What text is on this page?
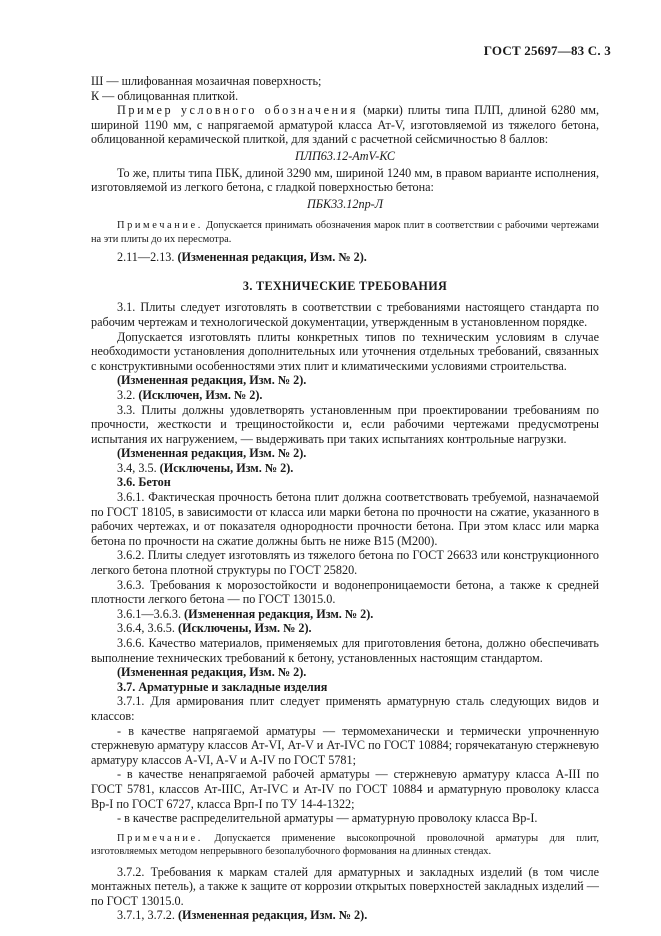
ГОСТ 25697—83 С. 3

Ш — шлифованная мозаичная поверхность;

К — облицованная плиткой.

Пример условного обозначения (марки) плиты типа ПЛП, длиной 6280 мм, шириной 1190 мм, с напрягаемой арматурой класса Ат-V, изготовляемой из тяжелого бетона, облицованной керамической плиткой, для зданий с расчетной сейсмичностью 8 баллов:

ПЛП63.12-АтV-КС

То же, плиты типа ПБК, длиной 3290 мм, шириной 1240 мм, в правом варианте исполнения, изготовляемой из легкого бетона, с гладкой поверхностью бетона:

ПБК33.12пр-Л

Примечание. Допускается принимать обозначения марок плит в соответствии с рабочими чертежами на эти плиты до их пересмотра.

2.11—2.13. (Измененная редакция, Изм. № 2).

3. ТЕХНИЧЕСКИЕ ТРЕБОВАНИЯ

3.1. Плиты следует изготовлять в соответствии с требованиями настоящего стандарта по рабочим чертежам и технологической документации, утвержденным в установленном порядке.

Допускается изготовлять плиты конкретных типов по техническим условиям в случае необходимости установления дополнительных или уточнения отдельных требований, связанных с конструктивными особенностями этих плит и климатическими условиями строительства.

(Измененная редакция, Изм. № 2).

3.2. (Исключен, Изм. № 2).

3.3. Плиты должны удовлетворять установленным при проектировании требованиям по прочности, жесткости и трещиностойкости и, если рабочими чертежами предусмотрены испытания их нагружением, — выдерживать при таких испытаниях контрольные нагрузки.

(Измененная редакция, Изм. № 2).

3.4, 3.5. (Исключены, Изм. № 2).

3.6. Бетон

3.6.1. Фактическая прочность бетона плит должна соответствовать требуемой, назначаемой по ГОСТ 18105, в зависимости от класса или марки бетона по прочности на сжатие, указанного в рабочих чертежах, и от показателя однородности прочности бетона. При этом класс или марка бетона по прочности на сжатие должны быть не ниже В15 (М200).

3.6.2. Плиты следует изготовлять из тяжелого бетона по ГОСТ 26633 или конструкционного легкого бетона плотной структуры по ГОСТ 25820.

3.6.3. Требования к морозостойкости и водонепроницаемости бетона, а также к средней плотности легкого бетона — по ГОСТ 13015.0.

3.6.1—3.6.3. (Измененная редакция, Изм. № 2).

3.6.4, 3.6.5. (Исключены, Изм. № 2).

3.6.6. Качество материалов, применяемых для приготовления бетона, должно обеспечивать выполнение технических требований к бетону, установленных настоящим стандартом.

(Измененная редакция, Изм. № 2).

3.7. Арматурные и закладные изделия

3.7.1. Для армирования плит следует применять арматурную сталь следующих видов и классов:

- в качестве напрягаемой арматуры — термомеханически и термически упрочненную стержневую арматуру классов Ат-VI, Ат-V и Ат-IVC по ГОСТ 10884; горячекатаную стержневую арматуру классов A-VI, A-V и A-IV по ГОСТ 5781;

- в качестве ненапрягаемой рабочей арматуры — стержневую арматуру класса A-III по ГОСТ 5781, классов Ат-IIIC, Ат-IVC и Ат-IV по ГОСТ 10884 и арматурную проволоку класса Вр-I по ГОСТ 6727, класса Врп-I по ТУ 14-4-1322;

- в качестве распределительной арматуры — арматурную проволоку класса Вр-I.

Примечание. Допускается применение высокопрочной проволочной арматуры для плит, изготовляемых методом непрерывного безопалубочного формования на длинных стендах.

3.7.2. Требования к маркам сталей для арматурных и закладных изделий (в том числе монтажных петель), а также к защите от коррозии открытых поверхностей закладных изделий — по ГОСТ 13015.0.

3.7.1, 3.7.2. (Измененная редакция, Изм. № 2).
